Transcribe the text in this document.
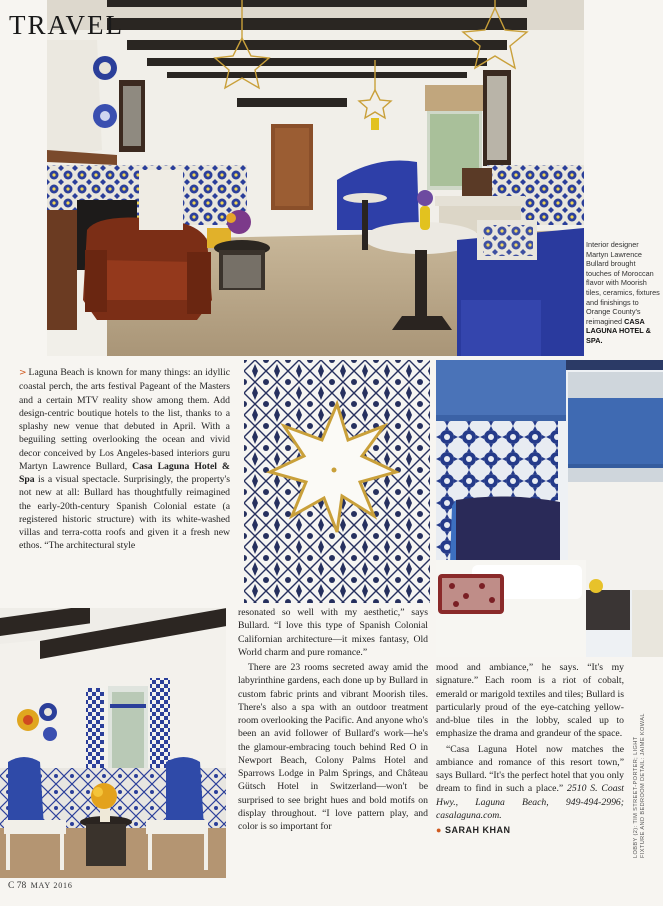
TRAVEL
Interior designer Martyn Lawrence Bullard brought touches of Moroccan flavor with Moorish tiles, ceramics, fixtures and finishings to Orange County's reimagined CASA LAGUNA HOTEL & SPA.

> Laguna Beach is known for many things: an idyllic coastal perch, the arts festival Pageant of the Masters and a certain MTV reality show among them. Add design-centric boutique hotels to the list, thanks to a splashy new venue that debuted in April. With a beguiling setting overlooking the ocean and vivid decor conceived by Los Angeles-based interiors guru Martyn Lawrence Bullard, Casa Laguna Hotel & Spa is a visual spectacle. Surprisingly, the property's not new at all: Bullard has thoughtfully reimagined the early-20th-century Spanish Colonial estate (a registered historic structure) with its white-washed villas and terra-cotta roofs and given it a fresh new ethos. “The architectural style

resonated so well with my aesthetic,” says Bullard. “I love this type of Spanish Colonial Californian architecture—it mixes fantasy, Old World charm and pure romance.”

There are 23 rooms secreted away amid the labyrinthine gardens, each done up by Bullard in custom fabric prints and vibrant Moorish tiles. There's also a spa with an outdoor treatment room overlooking the Pacific. And anyone who's been an avid follower of Bullard's work—he's the glamour-embracing touch behind Red O in Newport Beach, Colony Palms Hotel and Sparrows Lodge in Palm Springs, and Château Gütsch Hotel in Switzerland—won't be surprised to see bright hues and bold motifs on display throughout. “I love pattern play, and color is so important for

mood and ambiance,” he says. “It's my signature.” Each room is a riot of cobalt, emerald or marigold textiles and tiles; Bullard is particularly proud of the eye-catching yellow-and-blue tiles in the lobby, scaled up to emphasize the drama and grandeur of the space.

“Casa Laguna Hotel now matches the ambiance and romance of this resort town,” says Bullard. “It's the perfect hotel that you only dream to find in such a place.” 2510 S. Coast Hwy., Laguna Beach, 949-494-2996; casalaguna.com.

● SARAH KHAN	LOBBY (2): TIM STREET-PORTER; LIGHT FIXTURE AND BEDROOM DETAIL: JAIME KOWAL
C 78 MAY 2016
